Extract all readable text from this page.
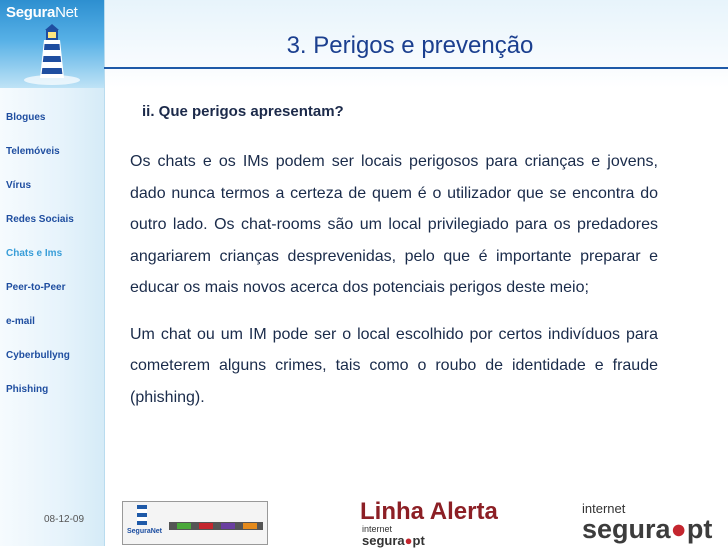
SeguraNet
3. Perigos e prevenção
Blogues
Telemóveis
Vírus
Redes Sociais
Chats e Ims
Peer-to-Peer
e-mail
Cyberbullyng
Phishing
ii. Que perigos apresentam?

Os chats e os IMs podem ser locais perigosos para crianças e jovens, dado nunca termos a certeza de quem é o utilizador que se encontra do outro lado. Os chat-rooms são um local privilegiado para os predadores angariarem crianças desprevenidas, pelo que é importante preparar e educar os mais novos acerca dos potenciais perigos deste meio;

Um chat ou um IM pode ser o local escolhido por certos indivíduos para cometerem alguns crimes, tais como o roubo de identidade e fraude (phishing).

08-12-09
SeguraNet
Linha Alerta
internet
segura●pt
internet
segura●pt
